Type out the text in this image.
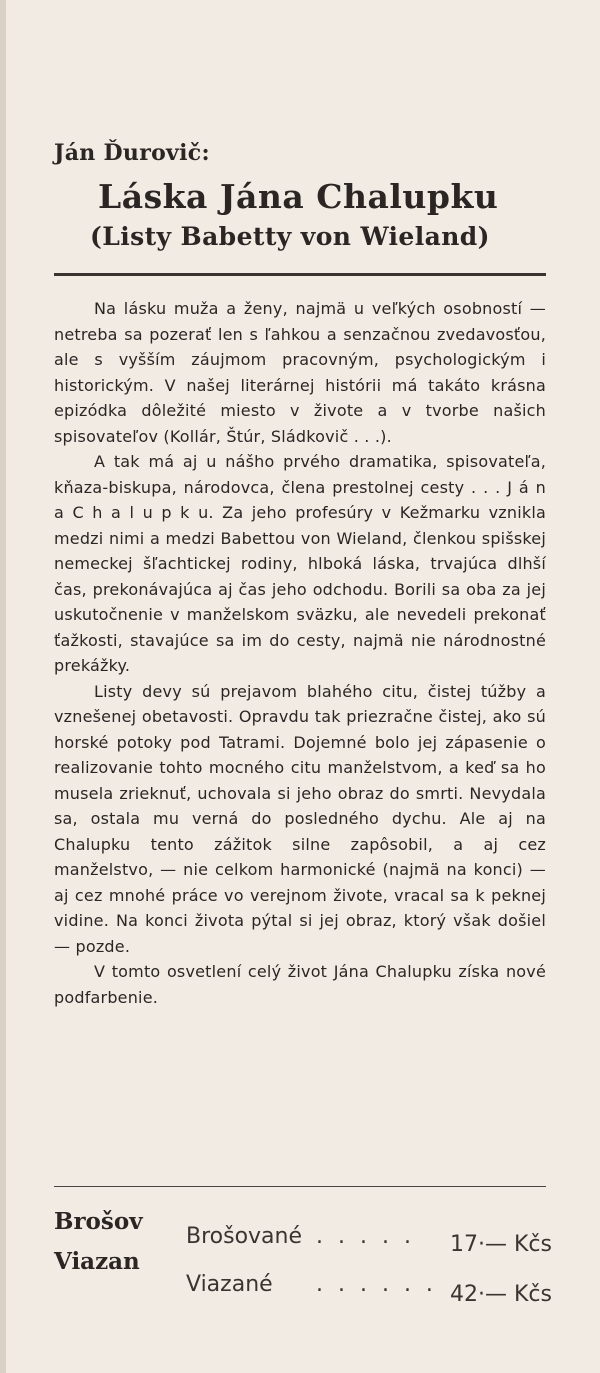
Ján Ďurovič:
Láska Jána Chalupku
(Listy Babetty von Wieland)

Na lásku muža a ženy, najmä u veľkých osobností — netreba sa pozerať len s ľahkou a senzačnou zvedavosťou, ale s vyšším záujmom pracovným, psychologickým i historickým. V našej literárnej histórii má takáto krásna epizódka dôležité miesto v živote a v tvorbe našich spisovateľov (Kollár, Štúr, Sládkovič . . .).

A tak má aj u nášho prvého dramatika, spisovateľa, kňaza-biskupa, národovca, člena prestolnej cesty . . . J á n a C h a l u p k u. Za jeho profesúry v Kežmarku vznikla medzi nimi a medzi Babettou von Wieland, členkou spišskej nemeckej šľachtickej rodiny, hlboká láska, trvajúca dlhší čas, prekonávajúca aj čas jeho odchodu. Borili sa oba za jej uskutočnenie v manželskom sväzku, ale nevedeli prekonať ťažkosti, stavajúce sa im do cesty, najmä nie národnostné prekážky.

Listy devy sú prejavom blahého citu, čistej túžby a vznešenej obetavosti. Opravdu tak priezračne čistej, ako sú horské potoky pod Tatrami. Dojemné bolo jej zápasenie o realizovanie tohto mocného citu manželstvom, a keď sa ho musela zrieknuť, uchovala si jeho obraz do smrti. Nevydala sa, ostala mu verná do posledného dychu. Ale aj na Chalupku tento zážitok silne zapôsobil, a aj cez manželstvo, — nie celkom harmonické (najmä na konci) — aj cez mnohé práce vo verejnom živote, vracal sa k peknej vidine. Na konci života pýtal si jej obraz, ktorý však došiel — pozde.

V tomto osvetlení celý život Jána Chalupku získa nové podfarbenie.

Brošov
Viazan
Brošované . . . . . 17·— Kčs
Viazané . . . . . . 42·— Kčs
